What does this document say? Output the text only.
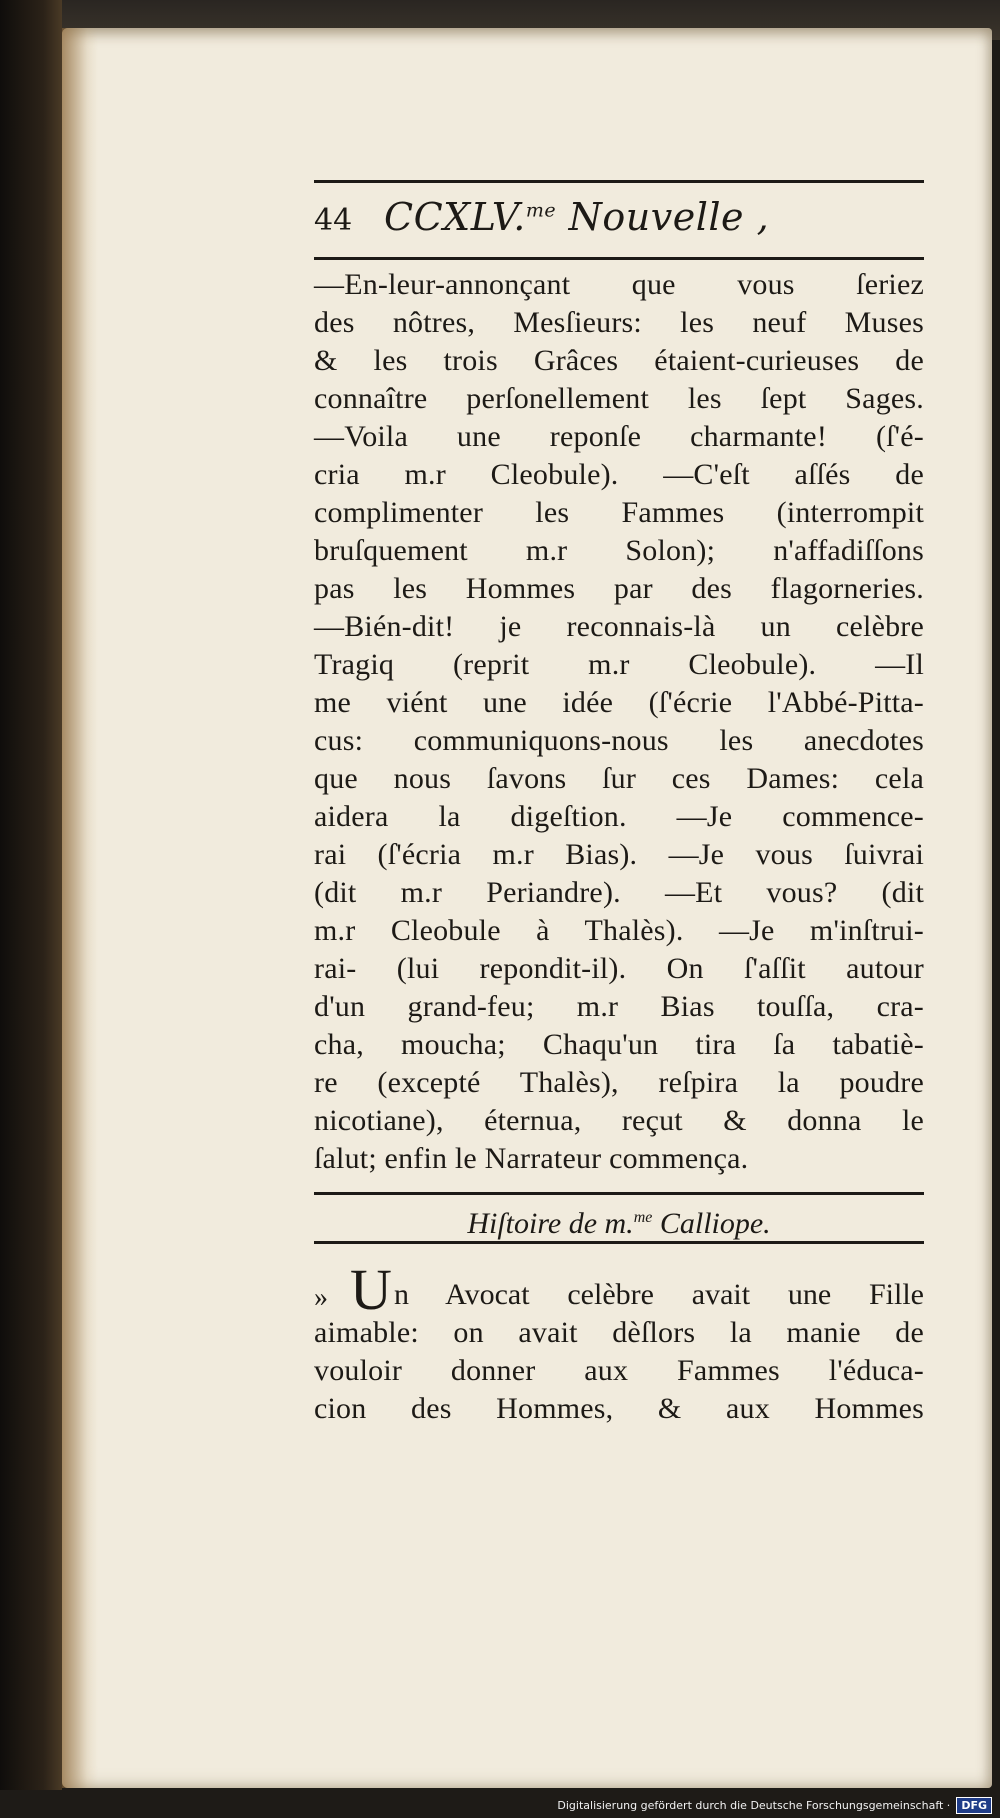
44 CCXLV.$^{me}$ Nouvelle ,
—En-leur-annonçant que vous ſeriez
des nôtres, Mesſieurs: les neuf Muses
& les trois Grâces étaient-curieuses de
connaître perſonellement les ſept Sages.
—Voila une reponſe charmante! (ſ'é-
cria m.r Cleobule). —C'eſt aſſés de
complimenter les Fammes (interrompit
bruſquement m.r Solon); n'affadiſſons
pas les Hommes par des flagorneries.
—Bién-dit! je reconnais-là un celèbre
Tragiq (reprit m.r Cleobule). —Il
me viént une idée (ſ'écrie l'Abbé-Pitta-
cus: communiquons-nous les anecdotes
que nous ſavons ſur ces Dames: cela
aidera la digeſtion. —Je commence-
rai (ſ'écria m.r Bias). —Je vous ſuivrai
(dit m.r Periandre). —Et vous? (dit
m.r Cleobule à Thalès). —Je m'inſtrui-
rai- (lui repondit-il). On ſ'aſſit autour
d'un grand-feu; m.r Bias touſſa, cra-
cha, moucha; Chaqu'un tira ſa tabatiè-
re (excepté Thalès), reſpira la poudre
nicotiane), éternua, reçut & donna le
ſalut; enfin le Narrateur commença.
Hiſtoire de m.$^{me}$ Calliope.
» U n Avocat celèbre avait une Fille
aimable: on avait dèſlors la manie de
vouloir donner aux Fammes l'éduca-
cion des Hommes, & aux Hommes
Digitalisierung gefördert durch die Deutsche Forschungsgemeinschaft ·	DFG
